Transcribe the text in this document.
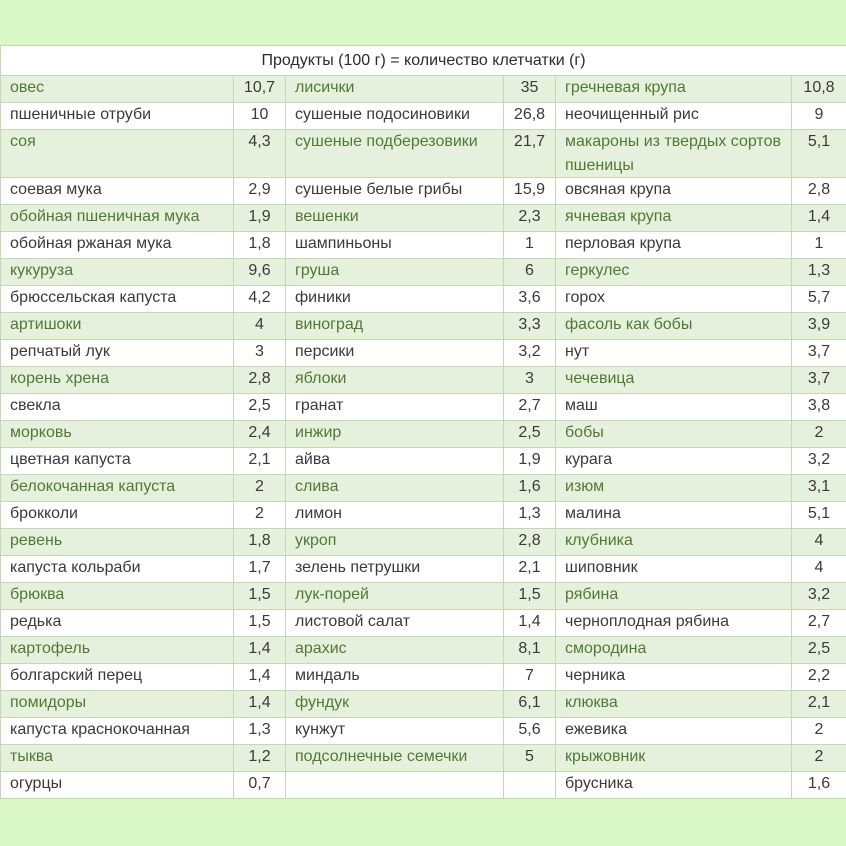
Продукты (100 г) = количество клетчатки (г)					
овес	10,7	лисички	35	гречневая крупа	10,8
пшеничные отруби	10	сушеные подосиновики	26,8	неочищенный рис	9
соя	4,3	сушеные подберезовики	21,7	макароны из твердых сортов пшеницы	5,1
соевая мука	2,9	сушеные белые грибы	15,9	овсяная крупа	2,8
обойная пшеничная мука	1,9	вешенки	2,3	ячневая крупа	1,4
обойная ржаная мука	1,8	шампиньоны	1	перловая крупа	1
кукуруза	9,6	груша	6	геркулес	1,3
брюссельская капуста	4,2	финики	3,6	горох	5,7
артишоки	4	виноград	3,3	фасоль как бобы	3,9
репчатый лук	3	персики	3,2	нут	3,7
корень хрена	2,8	яблоки	3	чечевица	3,7
свекла	2,5	гранат	2,7	маш	3,8
морковь	2,4	инжир	2,5	бобы	2
цветная капуста	2,1	айва	1,9	курага	3,2
белокочанная капуста	2	слива	1,6	изюм	3,1
брокколи	2	лимон	1,3	малина	5,1
ревень	1,8	укроп	2,8	клубника	4
капуста кольраби	1,7	зелень петрушки	2,1	шиповник	4
брюква	1,5	лук-порей	1,5	рябина	3,2
редька	1,5	листовой салат	1,4	черноплодная рябина	2,7
картофель	1,4	арахис	8,1	смородина	2,5
болгарский перец	1,4	миндаль	7	черника	2,2
помидоры	1,4	фундук	6,1	клюква	2,1
капуста краснокочанная	1,3	кунжут	5,6	ежевика	2
тыква	1,2	подсолнечные семечки	5	крыжовник	2
огурцы	0,7			брусника	1,6
